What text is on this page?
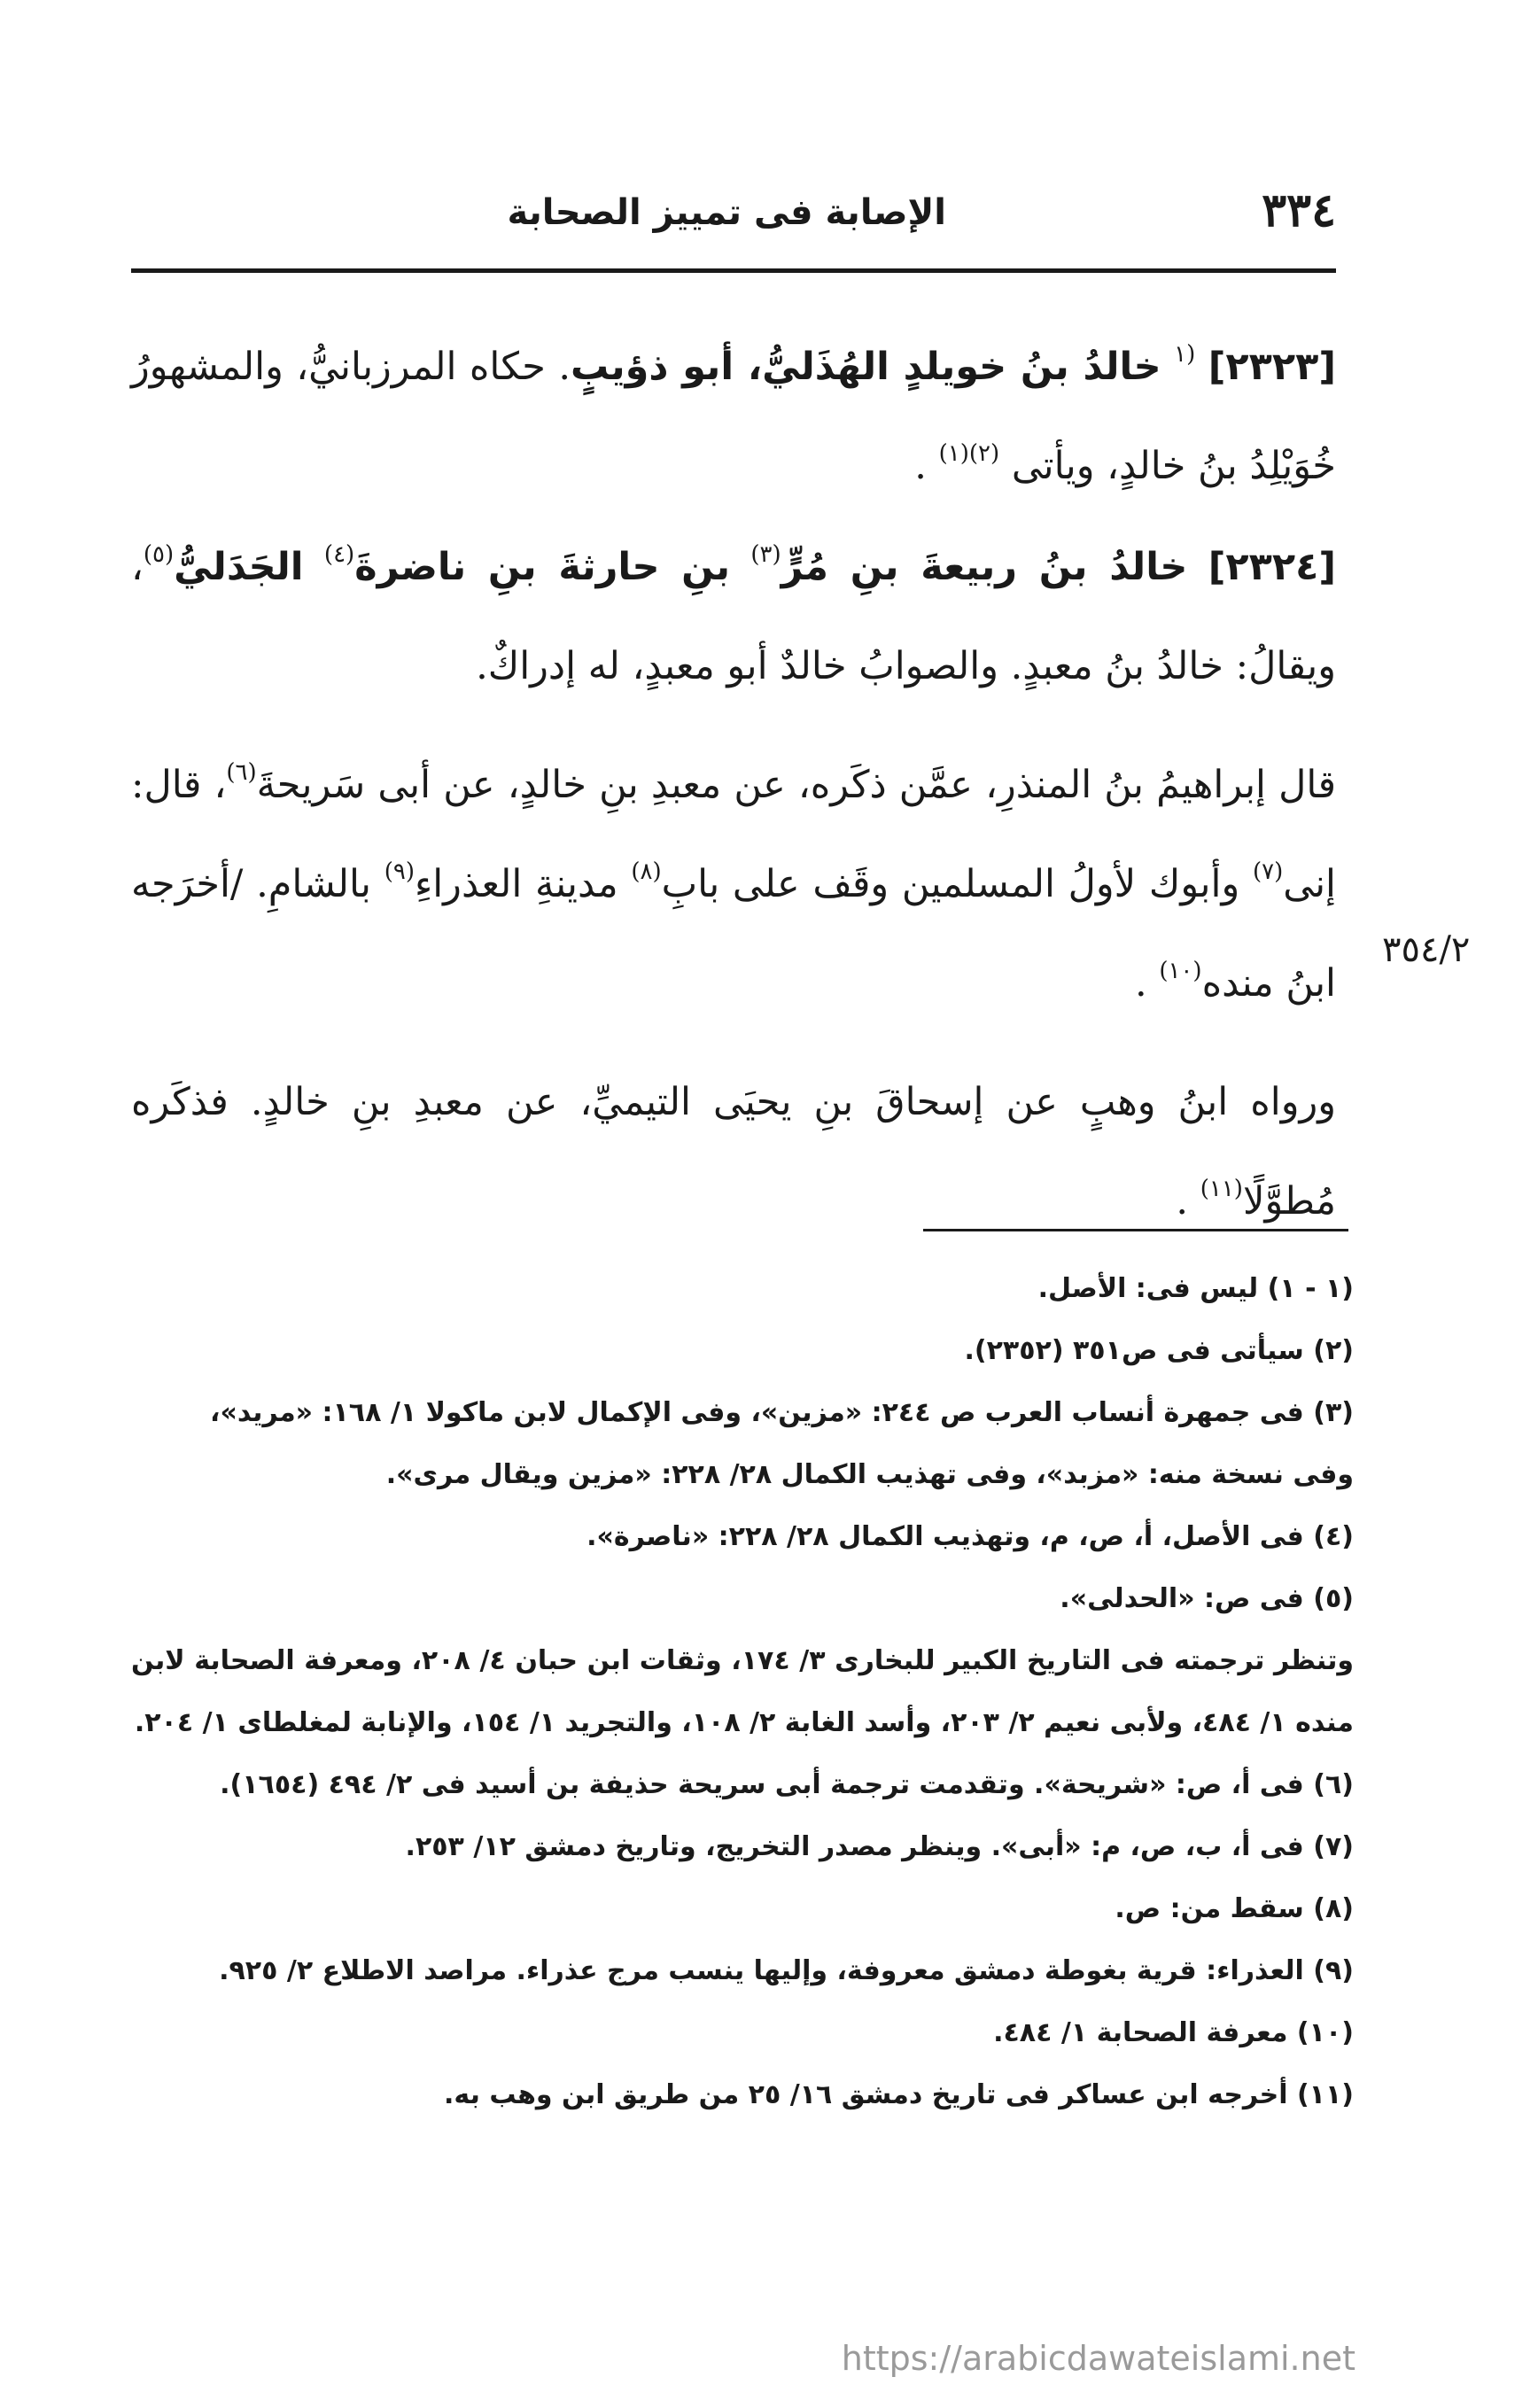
٣٣٤
الإصابة فى تمييز الصحابة

[٢٣٢٣] $^{(١}$ خالدُ بنُ خويلدٍ الهُذَليُّ، أبو ذؤيبٍ. حكاه المرزبانيُّ، والمشهورُ خُوَيْلِدُ بنُ خالدٍ، ويأتى $^{(٢)(١)}$ .

[٢٣٢٤] خالدُ بنُ ربيعةَ بنِ مُرٍّ$^{(٣)}$ بنِ حارثةَ بنِ ناضرةَ$^{(٤)}$ الجَدَليُّ$^{(٥)}$، ويقالُ: خالدُ بنُ معبدٍ. والصوابُ خالدٌ أبو معبدٍ، له إدراكٌ.

قال إبراهيمُ بنُ المنذرِ، عمَّن ذكَره، عن معبدِ بنِ خالدٍ، عن أبى سَريحةَ$^{(٦)}$، قال: إنى$^{(٧)}$ وأبوك لأولُ المسلمين وقَف على بابِ$^{(٨)}$ مدينةِ العذراءِ$^{(٩)}$ بالشامِ. /أخرَجه ابنُ منده$^{(١٠)}$ .

ورواه ابنُ وهبٍ عن إسحاقَ بنِ يحيَى التيميِّ، عن معبدِ بنِ خالدٍ. فذكَره مُطوَّلًا$^{(١١)}$ .

٣٥٤/٢

(١ - ١) ليس فى: الأصل.

(٢) سيأتى فى ص٣٥١ (٢٣٥٢).

(٣) فى جمهرة أنساب العرب ص ٢٤٤: «مزين»، وفى الإكمال لابن ماكولا ١/ ١٦٨: «مريد»،

وفى نسخة منه: «مزبد»، وفى تهذيب الكمال ٢٨/ ٢٢٨: «مزين ويقال مرى».

(٤) فى الأصل، أ، ص، م، وتهذيب الكمال ٢٨/ ٢٢٨: «ناصرة».

(٥) فى ص: «الحدلى».

وتنظر ترجمته فى التاريخ الكبير للبخارى ٣/ ١٧٤، وثقات ابن حبان ٤/ ٢٠٨، ومعرفة الصحابة لابن منده ١/ ٤٨٤، ولأبى نعيم ٢/ ٢٠٣، وأسد الغابة ٢/ ١٠٨، والتجريد ١/ ١٥٤، والإنابة لمغلطاى ١/ ٢٠٤.

(٦) فى أ، ص: «شريحة». وتقدمت ترجمة أبى سريحة حذيفة بن أسيد فى ٢/ ٤٩٤ (١٦٥٤).

(٧) فى أ، ب، ص، م: «أبى». وينظر مصدر التخريج، وتاريخ دمشق ١٢/ ٢٥٣.

(٨) سقط من: ص.

(٩) العذراء: قرية بغوطة دمشق معروفة، وإليها ينسب مرج عذراء. مراصد الاطلاع ٢/ ٩٢٥.

(١٠) معرفة الصحابة ١/ ٤٨٤.

(١١) أخرجه ابن عساكر فى تاريخ دمشق ١٦/ ٢٥ من طريق ابن وهب به.

https://arabicdawateislami.net
